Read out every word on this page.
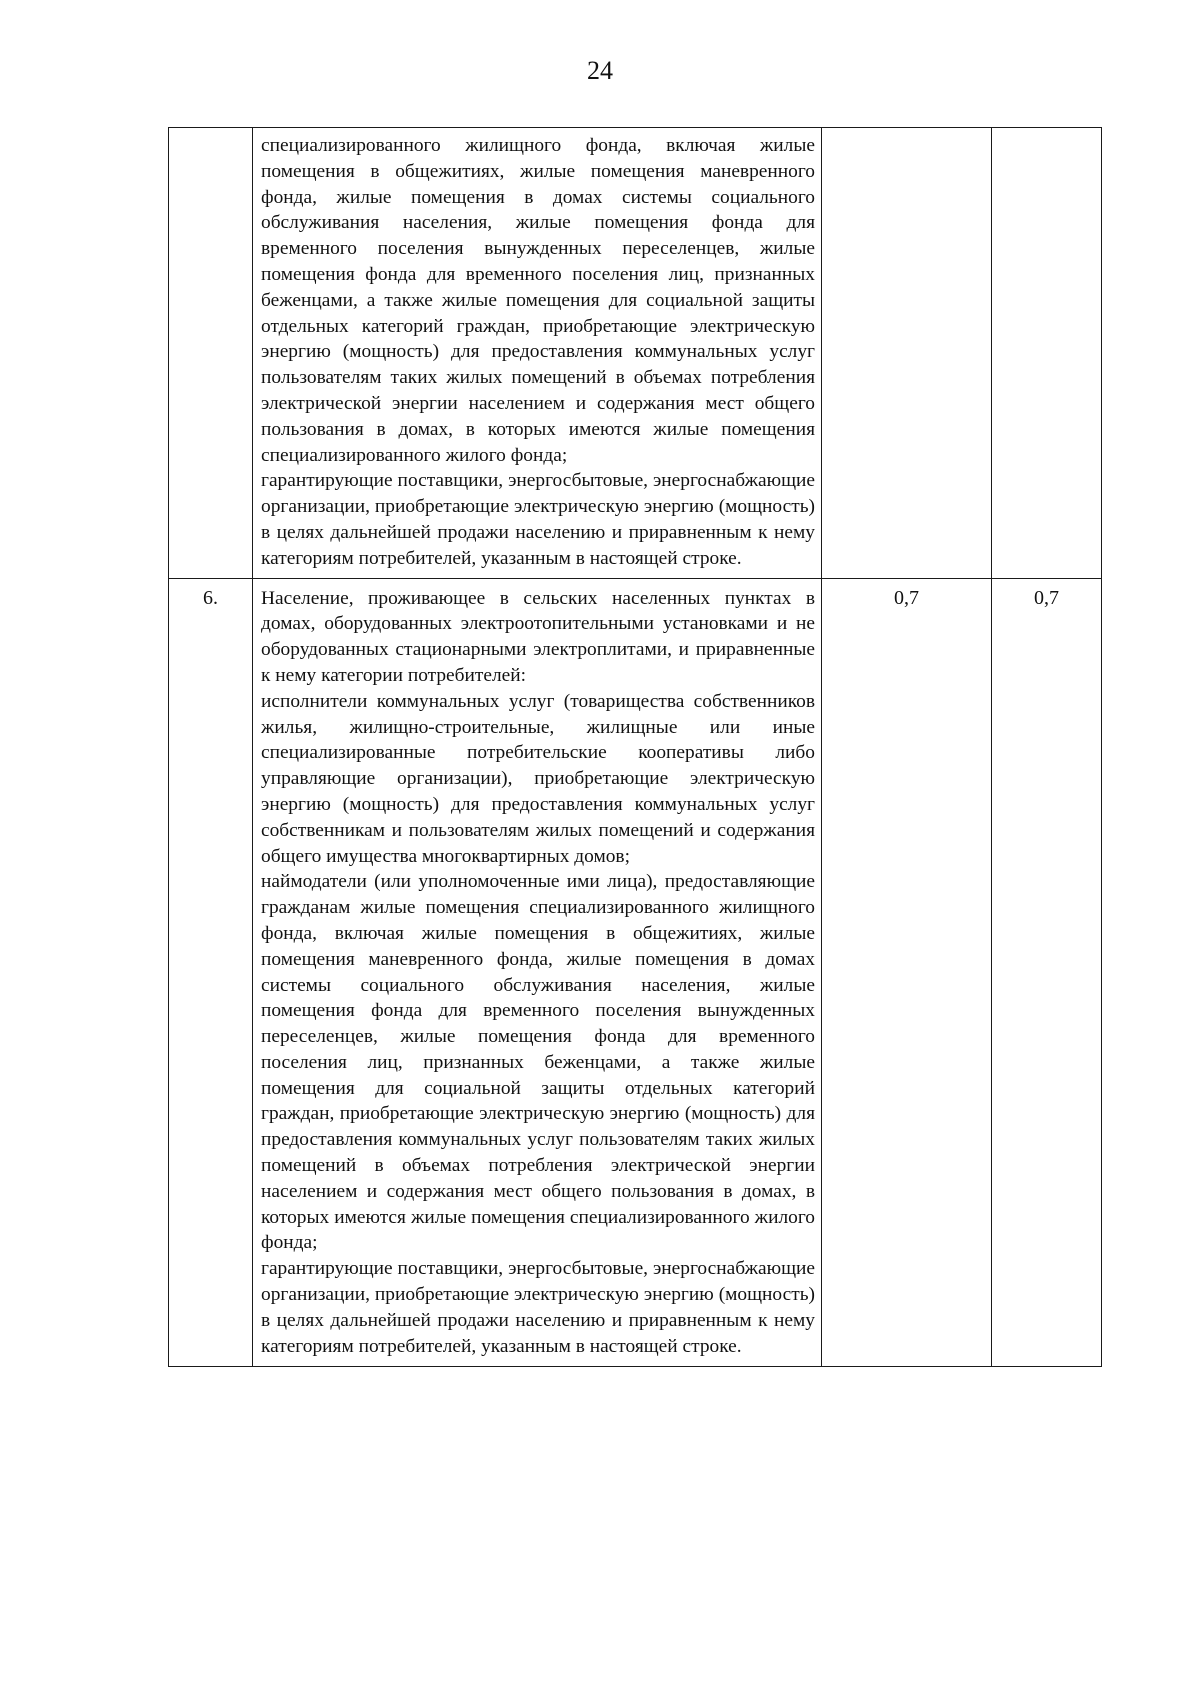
24

	специализированного жилищного фонда, включая жилые помещения в общежитиях, жилые помещения маневренного фонда, жилые помещения в домах системы социального обслуживания населения, жилые помещения фонда для временного поселения вынужденных переселенцев, жилые помещения фонда для временного поселения лиц, признанных беженцами, а также жилые помещения для социальной защиты отдельных категорий граждан, приобретающие электрическую энергию (мощность) для предоставления коммунальных услуг пользователям таких жилых помещений в объемах потребления электрической энергии населением и содержания мест общего пользования в домах, в которых имеются жилые помещения специализированного жилого фонда;
гарантирующие поставщики, энергосбытовые, энергоснабжающие организации, приобретающие электрическую энергию (мощность) в целях дальнейшей продажи населению и приравненным к нему категориям потребителей, указанным в настоящей строке.		

6.	Население, проживающее в сельских населенных пунктах в домах, оборудованных электроотопительными установками и не оборудованных стационарными электроплитами, и приравненные к нему категории потребителей:
исполнители коммунальных услуг (товарищества собственников жилья, жилищно-строительные, жилищные или иные специализированные потребительские кооперативы либо управляющие организации), приобретающие электрическую энергию (мощность) для предоставления коммунальных услуг собственникам и пользователям жилых помещений и содержания общего имущества многоквартирных домов;
наймодатели (или уполномоченные ими лица), предоставляющие гражданам жилые помещения специализированного жилищного фонда, включая жилые помещения в общежитиях, жилые помещения маневренного фонда, жилые помещения в домах системы социального обслуживания населения, жилые помещения фонда для временного поселения вынужденных переселенцев, жилые помещения фонда для временного поселения лиц, признанных беженцами, а также жилые помещения для социальной защиты отдельных категорий граждан, приобретающие электрическую энергию (мощность) для предоставления коммунальных услуг пользователям таких жилых помещений в объемах потребления электрической энергии населением и содержания мест общего пользования в домах, в которых имеются жилые помещения специализированного жилого фонда;
гарантирующие поставщики, энергосбытовые, энергоснабжающие организации, приобретающие электрическую энергию (мощность) в целях дальнейшей продажи населению и приравненным к нему категориям потребителей, указанным в настоящей строке.	0,7	0,7
